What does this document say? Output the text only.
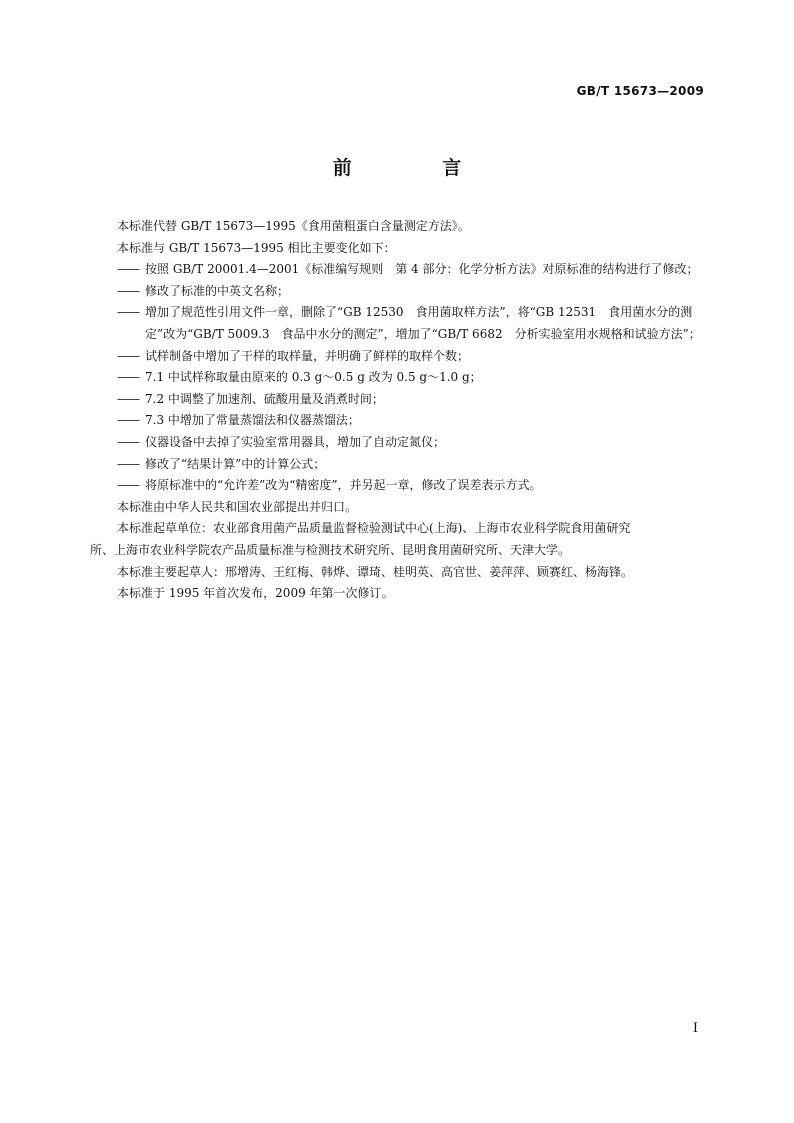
GB/T 15673—2009
前 言

本标准代替 GB/T 15673—1995《食用菌粗蛋白含量测定方法》。

本标准与 GB/T 15673—1995 相比主要变化如下：

—— 按照 GB/T 20001.4—2001《标准编写规则　第 4 部分：化学分析方法》对原标准的结构进行了修改；

—— 修改了标准的中英文名称；

—— 增加了规范性引用文件一章，删除了“GB 12530　食用菌取样方法”，将“GB 12531　食用菌水分的测定”改为“GB/T 5009.3　食品中水分的测定”，增加了“GB/T 6682　分析实验室用水规格和试验方法”；

—— 试样制备中增加了干样的取样量，并明确了鲜样的取样个数；

—— 7.1 中试样称取量由原来的 0.3 g～0.5 g 改为 0.5 g～1.0 g；

—— 7.2 中调整了加速剂、硫酸用量及消煮时间；

—— 7.3 中增加了常量蒸馏法和仪器蒸馏法；

—— 仪器设备中去掉了实验室常用器具，增加了自动定氮仪；

—— 修改了“结果计算”中的计算公式；

—— 将原标准中的“允许差”改为“精密度”，并另起一章，修改了误差表示方式。

本标准由中华人民共和国农业部提出并归口。

本标准起草单位：农业部食用菌产品质量监督检验测试中心(上海)、上海市农业科学院食用菌研究

所、上海市农业科学院农产品质量标准与检测技术研究所、昆明食用菌研究所、天津大学。

本标准主要起草人：邢增涛、王红梅、韩烨、谭琦、桂明英、高官世、姜萍萍、顾赛红、杨海锋。

本标准于 1995 年首次发布，2009 年第一次修订。

I
